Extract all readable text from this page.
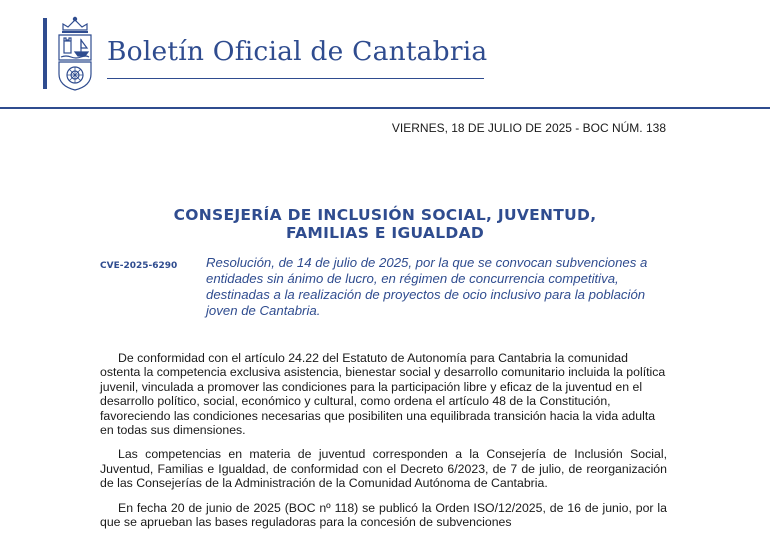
Boletín Oficial de Cantabria
VIERNES, 18 DE JULIO DE 2025 - BOC NÚM. 138
CONSEJERÍA DE INCLUSIÓN SOCIAL, JUVENTUD,
FAMILIAS E IGUALDAD
CVE-2025-6290 Resolución, de 14 de julio de 2025, por la que se convocan subvenciones a entidades sin ánimo de lucro, en régimen de concurrencia competitiva, destinadas a la realización de proyectos de ocio inclusivo para la población joven de Cantabria.

De conformidad con el artículo 24.22 del Estatuto de Autonomía para Cantabria la comunidad ostenta la competencia exclusiva asistencia, bienestar social y desarrollo comunitario incluida la política juvenil, vinculada a promover las condiciones para la participación libre y eficaz de la juventud en el desarrollo político, social, económico y cultural, como ordena el artículo 48 de la Constitución, favoreciendo las condiciones necesarias que posibiliten una equilibrada transición hacia la vida adulta en todas sus dimensiones.

Las competencias en materia de juventud corresponden a la Consejería de Inclusión Social, Juventud, Familias e Igualdad, de conformidad con el Decreto 6/2023, de 7 de julio, de reorganización de las Consejerías de la Administración de la Comunidad Autónoma de Cantabria.

En fecha 20 de junio de 2025 (BOC nº 118) se publicó la Orden ISO/12/2025, de 16 de junio, por la que se aprueban las bases reguladoras para la concesión de subvenciones
